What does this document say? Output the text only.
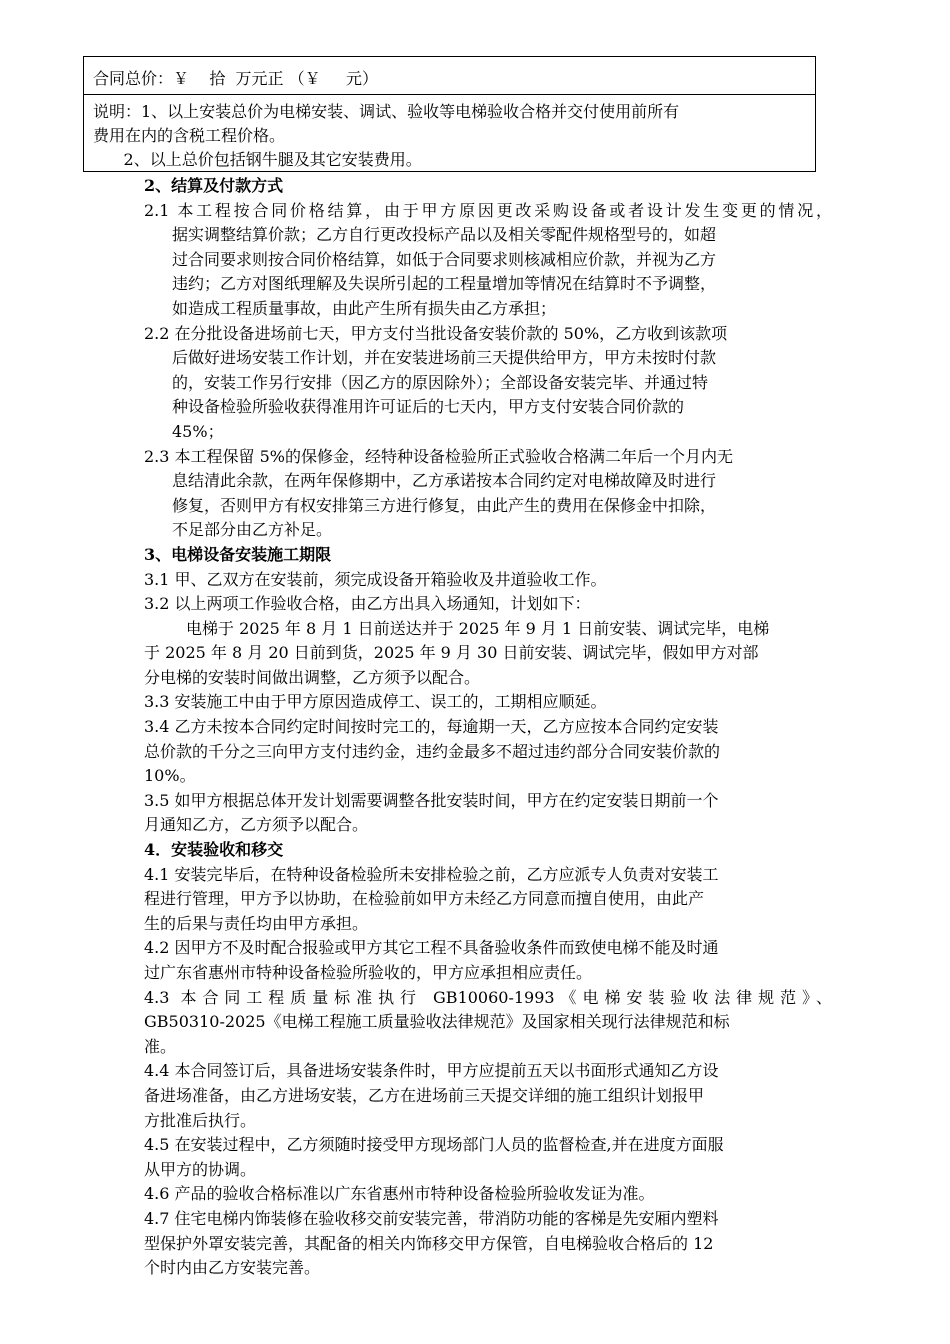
合同总价：￥    拾  万元正 （￥     元）
说明：1、以上安装总价为电梯安装、调试、验收等电梯验收合格并交付使用前所有
费用在内的含税工程价格。
2、以上总价包括钢牛腿及其它安装费用。
2、结算及付款方式
2.1 本工程按合同价格结算，由于甲方原因更改采购设备或者设计发生变更的情况，
据实调整结算价款；乙方自行更改投标产品以及相关零配件规格型号的，如超
过合同要求则按合同价格结算，如低于合同要求则核减相应价款，并视为乙方
违约；乙方对图纸理解及失误所引起的工程量增加等情况在结算时不予调整，
如造成工程质量事故，由此产生所有损失由乙方承担；
2.2 在分批设备进场前七天，甲方支付当批设备安装价款的 50%，乙方收到该款项
后做好进场安装工作计划，并在安装进场前三天提供给甲方，甲方未按时付款
的，安装工作另行安排（因乙方的原因除外）；全部设备安装完毕、并通过特
种设备检验所验收获得准用许可证后的七天内，甲方支付安装合同价款的
45%；
2.3 本工程保留 5%的保修金，经特种设备检验所正式验收合格满二年后一个月内无
息结清此余款，在两年保修期中，乙方承诺按本合同约定对电梯故障及时进行
修复，否则甲方有权安排第三方进行修复，由此产生的费用在保修金中扣除，
不足部分由乙方补足。
3、电梯设备安装施工期限
3.1 甲、乙双方在安装前，须完成设备开箱验收及井道验收工作。
3.2 以上两项工作验收合格，由乙方出具入场通知，计划如下：
电梯于 2025 年 8 月 1 日前送达并于 2025 年 9 月 1 日前安装、调试完毕，电梯
于 2025 年 8 月 20 日前到货，2025 年 9 月 30 日前安装、调试完毕，假如甲方对部
分电梯的安装时间做出调整，乙方须予以配合。
3.3 安装施工中由于甲方原因造成停工、误工的，工期相应顺延。
3.4 乙方未按本合同约定时间按时完工的，每逾期一天，乙方应按本合同约定安装
总价款的千分之三向甲方支付违约金，违约金最多不超过违约部分合同安装价款的
10%。
3.5 如甲方根据总体开发计划需要调整各批安装时间，甲方在约定安装日期前一个
月通知乙方，乙方须予以配合。
4．安装验收和移交
4.1 安装完毕后，在特种设备检验所未安排检验之前，乙方应派专人负责对安装工
程进行管理，甲方予以协助，在检验前如甲方未经乙方同意而擅自使用，由此产
生的后果与责任均由甲方承担。
4.2 因甲方不及时配合报验或甲方其它工程不具备验收条件而致使电梯不能及时通
过广东省惠州市特种设备检验所验收的，甲方应承担相应责任。
4.3 本合同工程质量标准执行 GB10060-1993《电梯安装验收法律规范》、
GB50310-2025《电梯工程施工质量验收法律规范》及国家相关现行法律规范和标
准。
4.4 本合同签订后，具备进场安装条件时，甲方应提前五天以书面形式通知乙方设
备进场准备，由乙方进场安装，乙方在进场前三天提交详细的施工组织计划报甲
方批准后执行。
4.5 在安装过程中，乙方须随时接受甲方现场部门人员的监督检查,并在进度方面服
从甲方的协调。
4.6 产品的验收合格标准以广东省惠州市特种设备检验所验收发证为准。
4.7 住宅电梯内饰装修在验收移交前安装完善，带消防功能的客梯是先安厢内塑料
型保护外罩安装完善，其配备的相关内饰移交甲方保管，自电梯验收合格后的 12
个时内由乙方安装完善。
